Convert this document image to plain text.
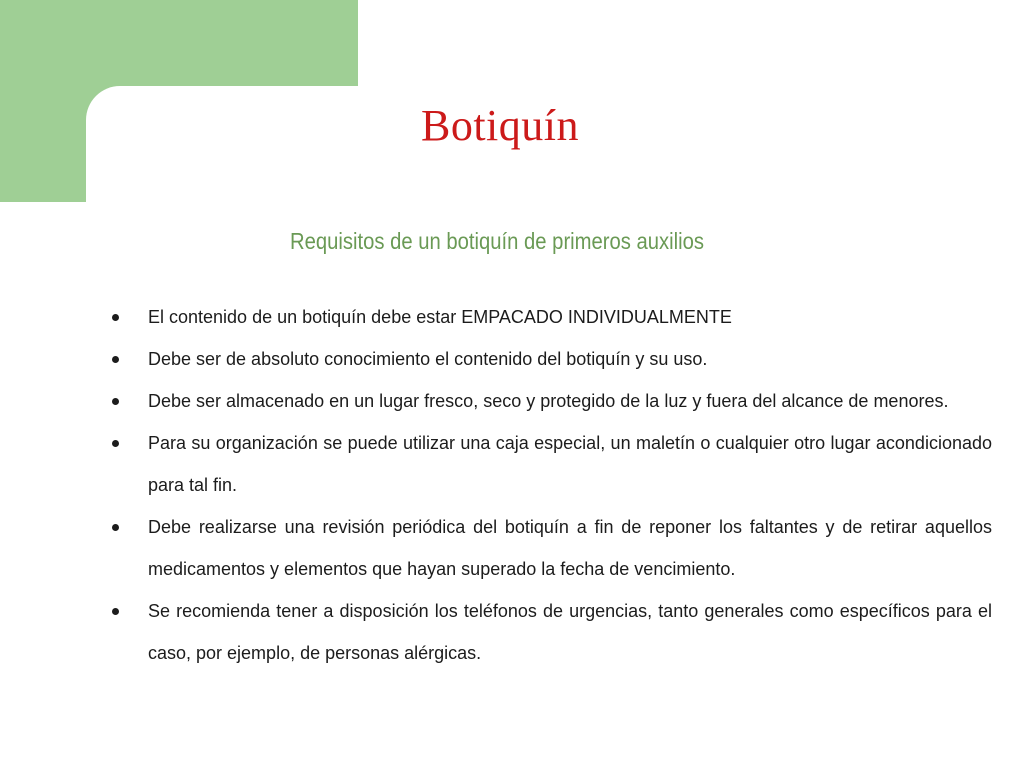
Botiquín
Requisitos de un botiquín de primeros auxilios
El contenido de un botiquín debe estar EMPACADO INDIVIDUALMENTE
Debe ser de absoluto conocimiento el contenido del botiquín y su uso.
Debe ser almacenado en un lugar fresco, seco y protegido de la luz y fuera del alcance de menores.
Para su organización se puede utilizar una caja especial, un maletín o cualquier otro lugar acondicionado para tal fin.
Debe realizarse una revisión periódica del botiquín a fin de reponer los faltantes y de retirar aquellos medicamentos y elementos que hayan superado la fecha de vencimiento.
Se recomienda tener a disposición los teléfonos de urgencias, tanto generales como específicos para el caso, por ejemplo, de personas alérgicas.
